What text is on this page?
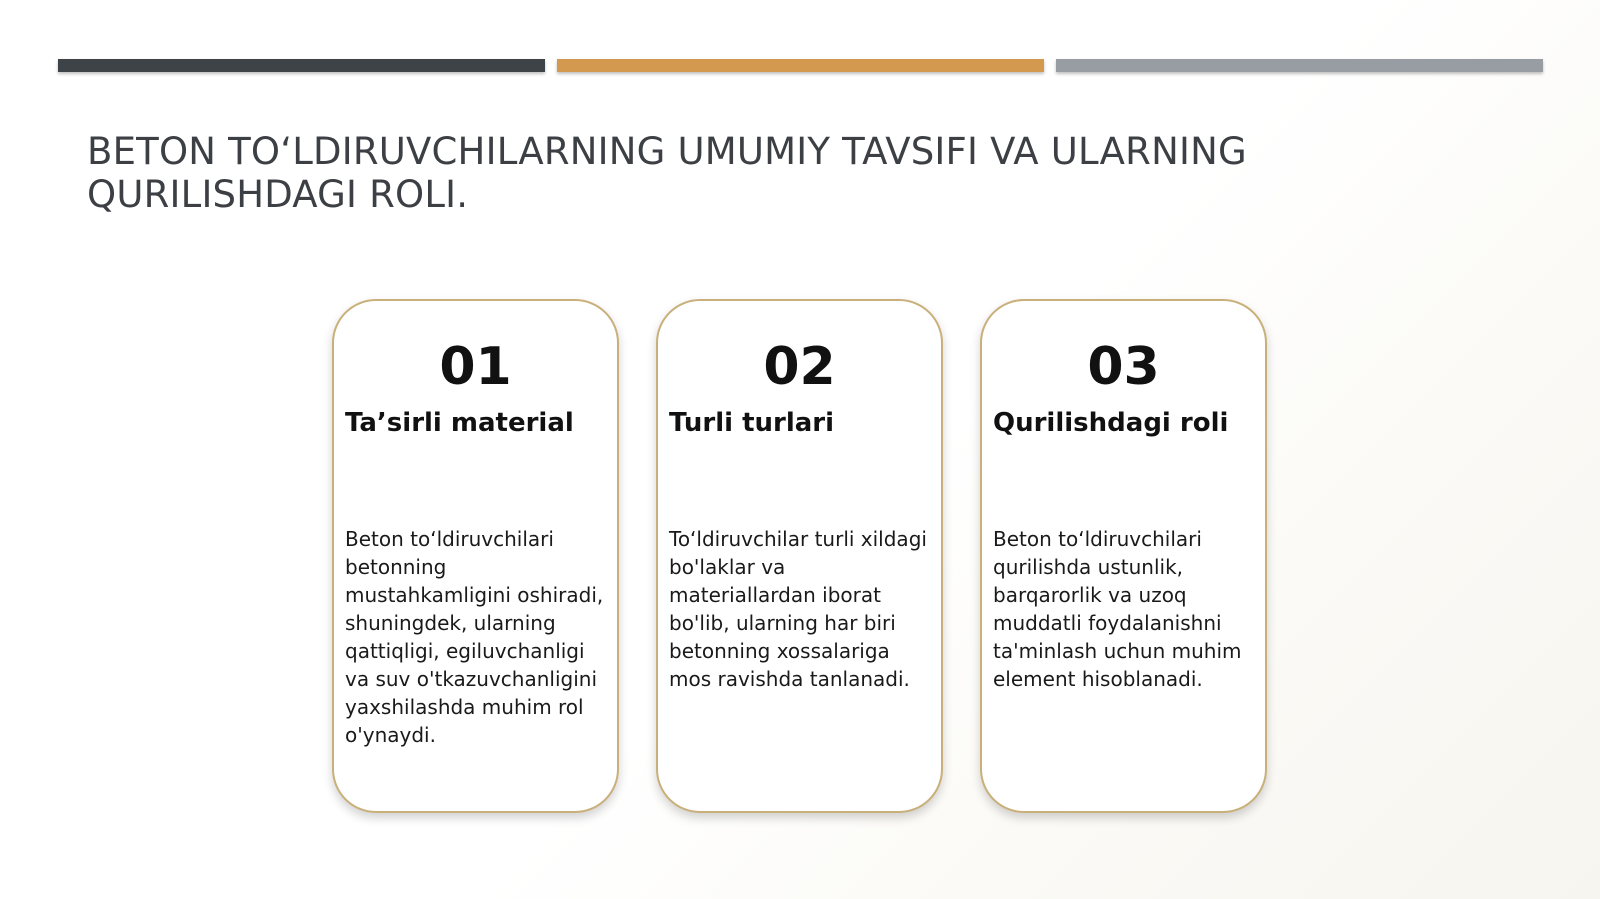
BETON TO‘LDIRUVCHILARNING UMUMIY TAVSIFI VA ULARNING QURILISHDAGI ROLI.
01
Ta’sirli material
Beton to‘ldiruvchilari betonning mustahkamligini oshiradi, shuningdek, ularning qattiqligi, egiluvchanligi va suv o'tkazuvchanligini yaxshilashda muhim rol o'ynaydi.
02
Turli turlari
To‘ldiruvchilar turli xildagi bo'laklar va materiallardan iborat bo'lib, ularning har biri betonning xossalariga mos ravishda tanlanadi.
03
Qurilishdagi roli
Beton to‘ldiruvchilari qurilishda ustunlik, barqarorlik va uzoq muddatli foydalanishni ta'minlash uchun muhim element hisoblanadi.
